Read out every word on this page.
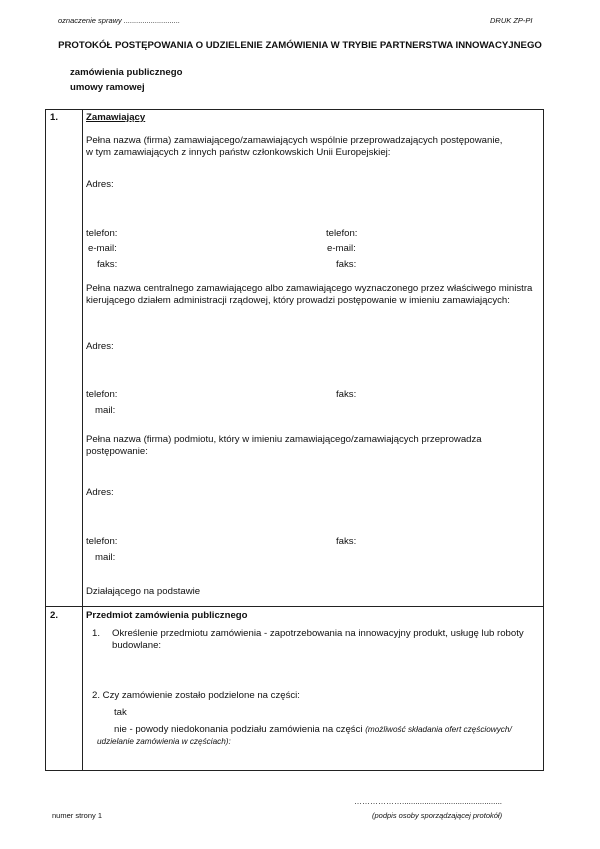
oznaczenie sprawy ...........................	DRUK ZP-PI
PROTOKÓŁ POSTĘPOWANIA O UDZIELENIE ZAMÓWIENIA W TRYBIE PARTNERSTWA INNOWACYJNEGO
zamówienia publicznego
umowy ramowej
1.	Zamawiający
Pełna nazwa (firma) zamawiającego/zamawiających wspólnie przeprowadzających postępowanie,
w tym zamawiających z innych państw członkowskich Unii Europejskiej:
Adres:
telefon:	telefon:
e-mail:	e-mail:
faks:	faks:
Pełna nazwa centralnego zamawiającego albo zamawiającego wyznaczonego przez właściwego ministra
kierującego działem administracji rządowej, który prowadzi postępowanie w imieniu zamawiających:
Adres:
telefon:	faks:
mail:
Pełna nazwa (firma) podmiotu, który w imieniu zamawiającego/zamawiających przeprowadza
postępowanie:
Adres:
telefon:	faks:
mail:
Działającego na podstawie
2.	Przedmiot zamówienia publicznego
1. Określenie przedmiotu zamówienia - zapotrzebowania na innowacyjny produkt, usługę lub roboty
budowlane:
2. Czy zamówienie zostało podzielone na części:
tak
nie - powody niedokonania podziału zamówienia na części (możliwość składania ofert częściowych/
udzielanie zamówienia w częściach):
numer strony 1
……………….............................................
(podpis osoby sporządzającej protokół)
